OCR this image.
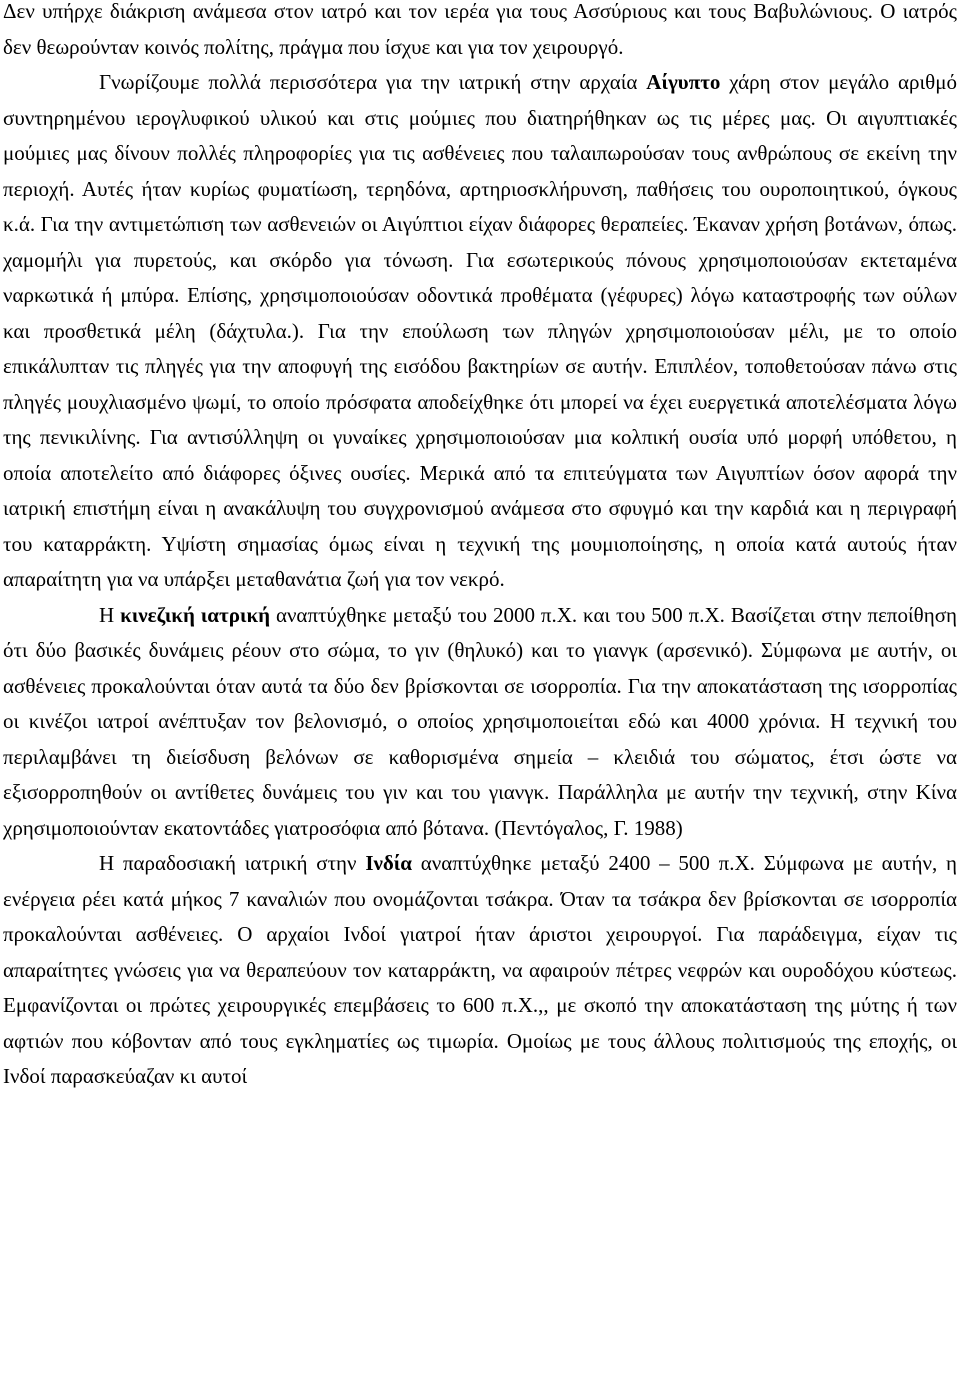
Δεν υπήρχε διάκριση ανάμεσα στον ιατρό και τον ιερέα για τους Ασσύριους και τους Βαβυλώνιους. Ο ιατρός δεν θεωρούνταν κοινός πολίτης, πράγμα που ίσχυε και για τον χειρουργό.

Γνωρίζουμε πολλά περισσότερα για την ιατρική στην αρχαία Αίγυπτο χάρη στον μεγάλο αριθμό συντηρημένου ιερογλυφικού υλικού και στις μούμιες που διατηρήθηκαν ως τις μέρες μας. Οι αιγυπτιακές μούμιες μας δίνουν πολλές πληροφορίες για τις ασθένειες που ταλαιπωρούσαν τους ανθρώπους σε εκείνη την περιοχή. Αυτές ήταν κυρίως φυματίωση, τερηδόνα, αρτηριοσκλήρυνση, παθήσεις του ουροποιητικού, όγκους κ.ά. Για την αντιμετώπιση των ασθενειών οι Αιγύπτιοι είχαν διάφορες θεραπείες. Έκαναν χρήση βοτάνων, όπως. χαμομήλι για πυρετούς, και σκόρδο για τόνωση. Για εσωτερικούς πόνους χρησιμοποιούσαν εκτεταμένα ναρκωτικά ή μπύρα. Επίσης, χρησιμοποιούσαν οδοντικά προθέματα (γέφυρες) λόγω καταστροφής των ούλων και προσθετικά μέλη (δάχτυλα.). Για την επούλωση των πληγών χρησιμοποιούσαν μέλι, με το οποίο επικάλυπταν τις πληγές για την αποφυγή της εισόδου βακτηρίων σε αυτήν. Επιπλέον, τοποθετούσαν πάνω στις πληγές μουχλιασμένο ψωμί, το οποίο πρόσφατα αποδείχθηκε ότι μπορεί να έχει ευεργετικά αποτελέσματα λόγω της πενικιλίνης. Για αντισύλληψη οι γυναίκες χρησιμοποιούσαν μια κολπική ουσία υπό μορφή υπόθετου, η οποία αποτελείτο από διάφορες όξινες ουσίες. Μερικά από τα επιτεύγματα των Αιγυπτίων όσον αφορά την ιατρική επιστήμη είναι η ανακάλυψη του συγχρονισμού ανάμεσα στο σφυγμό και την καρδιά και η περιγραφή του καταρράκτη. Υψίστη σημασίας όμως είναι η τεχνική της μουμιοποίησης, η οποία κατά αυτούς ήταν απαραίτητη για να υπάρξει μεταθανάτια ζωή για τον νεκρό.

Η κινεζική ιατρική αναπτύχθηκε μεταξύ του 2000 π.Χ. και του 500 π.Χ. Βασίζεται στην πεποίθηση ότι δύο βασικές δυνάμεις ρέουν στο σώμα, το γιν (θηλυκό) και το γιανγκ (αρσενικό). Σύμφωνα με αυτήν, οι ασθένειες προκαλούνται όταν αυτά τα δύο δεν βρίσκονται σε ισορροπία. Για την αποκατάσταση της ισορροπίας οι κινέζοι ιατροί ανέπτυξαν τον βελονισμό, ο οποίος χρησιμοποιείται εδώ και 4000 χρόνια. Η τεχνική του περιλαμβάνει τη διείσδυση βελόνων σε καθορισμένα σημεία – κλειδιά του σώματος, έτσι ώστε να εξισορροπηθούν οι αντίθετες δυνάμεις του γιν και του γιανγκ. Παράλληλα με αυτήν την τεχνική, στην Κίνα χρησιμοποιούνταν εκατοντάδες γιατροσόφια από βότανα. (Πεντόγαλος, Γ. 1988)

Η παραδοσιακή ιατρική στην Ινδία αναπτύχθηκε μεταξύ 2400 – 500 π.Χ. Σύμφωνα με αυτήν, η ενέργεια ρέει κατά μήκος 7 καναλιών που ονομάζονται τσάκρα. Όταν τα τσάκρα δεν βρίσκονται σε ισορροπία προκαλούνται ασθένειες. Ο αρχαίοι Ινδοί γιατροί ήταν άριστοι χειρουργοί. Για παράδειγμα, είχαν τις απαραίτητες γνώσεις για να θεραπεύουν τον καταρράκτη, να αφαιρούν πέτρες νεφρών και ουροδόχου κύστεως. Εμφανίζονται οι πρώτες χειρουργικές επεμβάσεις το 600 π.Χ.,, με σκοπό την αποκατάσταση της μύτης ή των αφτιών που κόβονταν από τους εγκληματίες ως τιμωρία. Ομοίως με τους άλλους πολιτισμούς της εποχής, οι Ινδοί παρασκεύαζαν κι αυτοί
